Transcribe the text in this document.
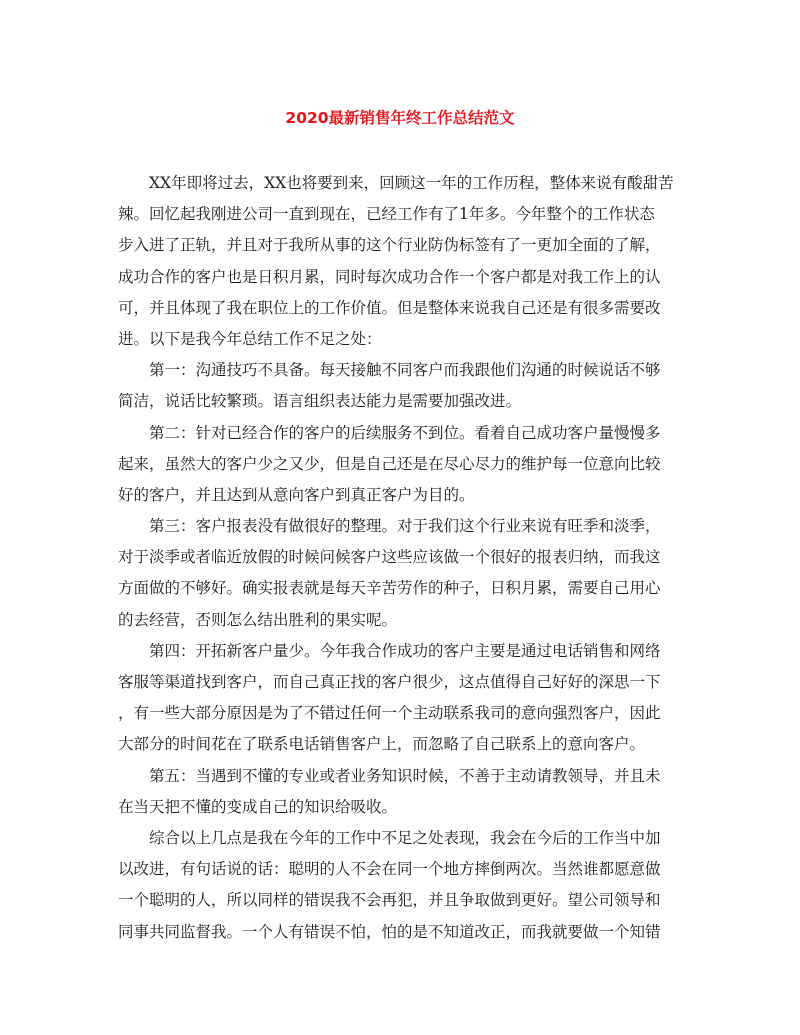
2020最新销售年终工作总结范文
　　XX年即将过去，XX也将要到来，回顾这一年的工作历程，整体来说有酸甜苦
辣。回忆起我刚进公司一直到现在，已经工作有了1年多。今年整个的工作状态
步入进了正轨，并且对于我所从事的这个行业防伪标签有了一更加全面的了解，
成功合作的客户也是日积月累，同时每次成功合作一个客户都是对我工作上的认
可，并且体现了我在职位上的工作价值。但是整体来说我自己还是有很多需要改
进。以下是我今年总结工作不足之处：
　　第一：沟通技巧不具备。每天接触不同客户而我跟他们沟通的时候说话不够
简洁，说话比较繁琐。语言组织表达能力是需要加强改进。
　　第二：针对已经合作的客户的后续服务不到位。看着自己成功客户量慢慢多
起来，虽然大的客户少之又少，但是自己还是在尽心尽力的维护每一位意向比较
好的客户，并且达到从意向客户到真正客户为目的。
　　第三：客户报表没有做很好的整理。对于我们这个行业来说有旺季和淡季，
对于淡季或者临近放假的时候问候客户这些应该做一个很好的报表归纳，而我这
方面做的不够好。确实报表就是每天辛苦劳作的种子，日积月累，需要自己用心
的去经营，否则怎么结出胜利的果实呢。
　　第四：开拓新客户量少。今年我合作成功的客户主要是通过电话销售和网络
客服等渠道找到客户，而自己真正找的客户很少，这点值得自己好好的深思一下
，有一些大部分原因是为了不错过任何一个主动联系我司的意向强烈客户，因此
大部分的时间花在了联系电话销售客户上，而忽略了自己联系上的意向客户。
　　第五：当遇到不懂的专业或者业务知识时候，不善于主动请教领导，并且未
在当天把不懂的变成自己的知识给吸收。
　　综合以上几点是我在今年的工作中不足之处表现，我会在今后的工作当中加
以改进，有句话说的话：聪明的人不会在同一个地方摔倒两次。当然谁都愿意做
一个聪明的人，所以同样的错误我不会再犯，并且争取做到更好。望公司领导和
同事共同监督我。一个人有错误不怕，怕的是不知道改正，而我就要做一个知错
